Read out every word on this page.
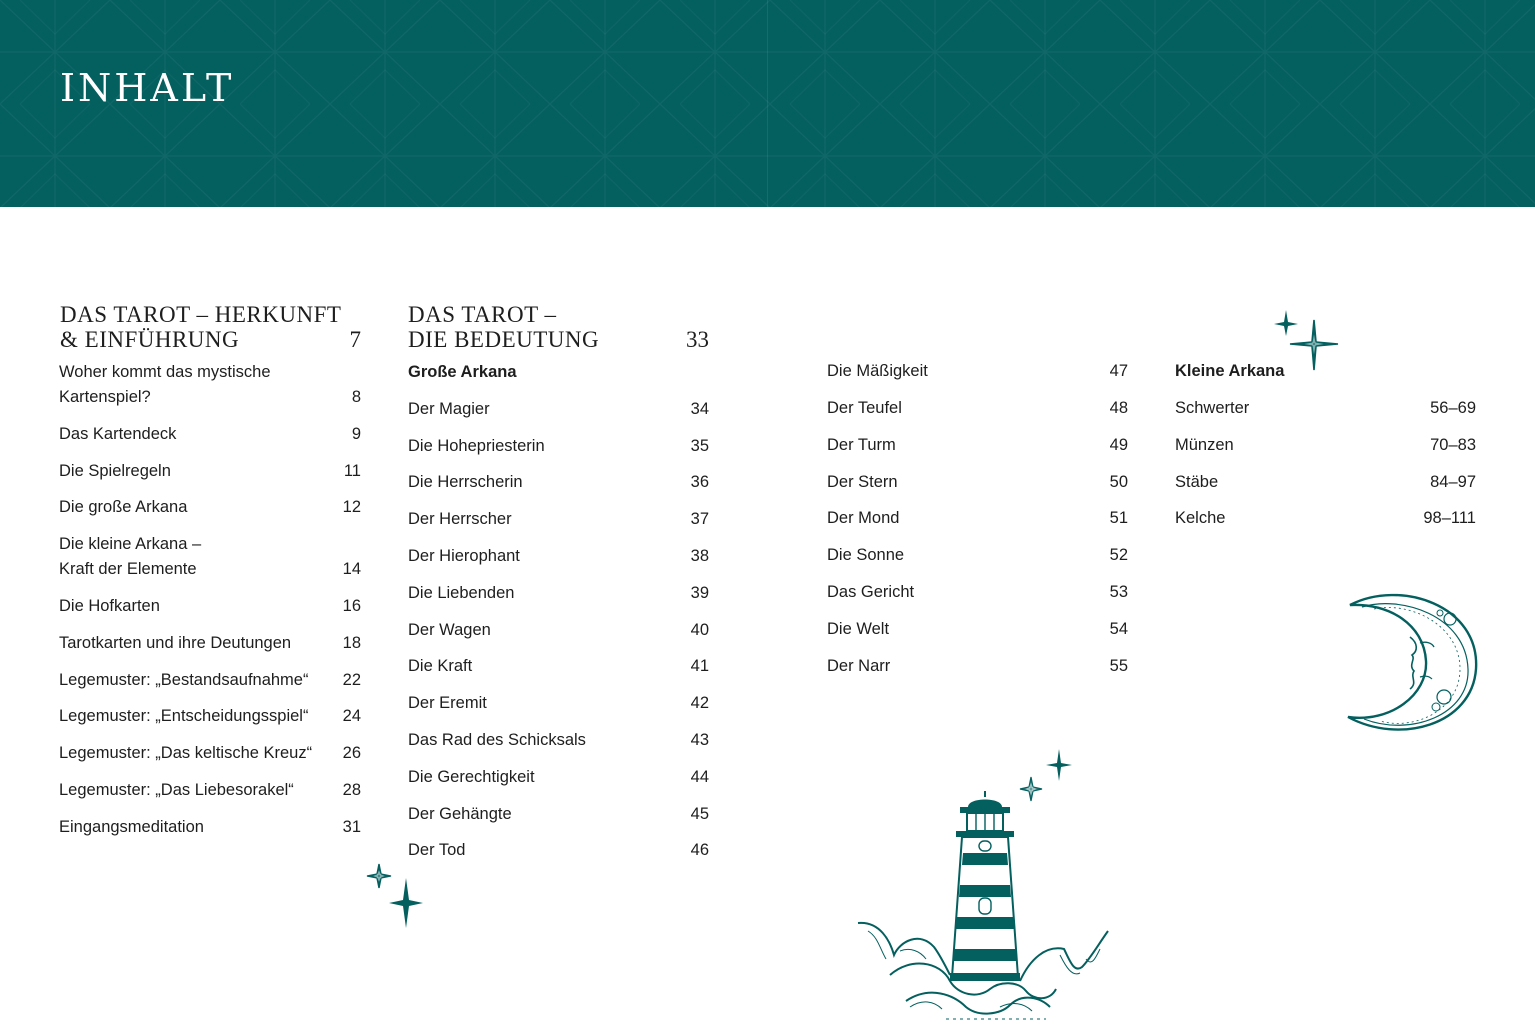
INHALT
DAS TAROT – HERKUNFT
& EINFÜHRUNG	7
Woher kommt das mystische
Kartenspiel?	8
Das Kartendeck	9
Die Spielregeln	11
Die große Arkana	12
Die kleine Arkana –
Kraft der Elemente	14
Die Hofkarten	16
Tarotkarten und ihre Deutungen	18
Legemuster: „Bestandsaufnahme“ 22
Legemuster: „Entscheidungsspiel“ 24
Legemuster: „Das keltische Kreuz“ 26
Legemuster: „Das Liebesorakel“	28
Eingangsmeditation	31
DAS TAROT –
DIE BEDEUTUNG	33
Große Arkana
Der Magier	34
Die Hohepriesterin	35
Die Herrscherin	36
Der Herrscher	37
Der Hierophant	38
Die Liebenden	39
Der Wagen	40
Die Kraft	41
Der Eremit	42
Das Rad des Schicksals	43
Die Gerechtigkeit	44
Der Gehängte	45
Der Tod	46
Die Mäßigkeit	47
Der Teufel	48
Der Turm	49
Der Stern	50
Der Mond	51
Die Sonne	52
Das Gericht	53
Die Welt	54
Der Narr	55
Kleine Arkana
Schwerter	56–69
Münzen	70–83
Stäbe	84–97
Kelche	98–111
